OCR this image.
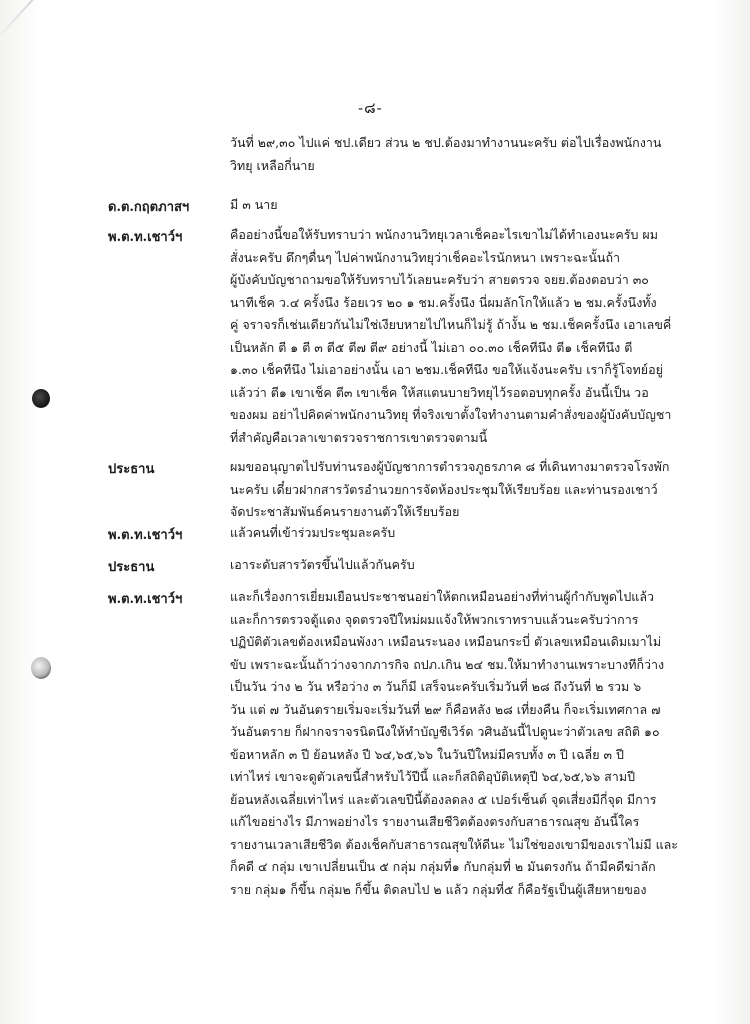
-๘-
วันที่ ๒๙,๓๐ ไปแค่ ชป.เดียว ส่วน ๒ ชป.ต้องมาทำงานนะครับ ต่อไปเรื่องพนักงาน
วิทยุ เหลือกี่นาย
ด.ต.กฤตภาสฯ	มี ๓ นาย
พ.ต.ท.เชาว์ฯ	คืออย่างนี้ขอให้รับทราบว่า พนักงานวิทยุเวลาเช็คอะไรเขาไม่ได้ทำเองนะครับ ผม
สั่งนะครับ ดึกๆดื่นๆ ไปค่าพนักงานวิทยุว่าเช็คอะไรนักหนา เพราะฉะนั้นถ้า
ผู้บังคับบัญชาถามขอให้รับทราบไว้เลยนะครับว่า สายตรวจ จยย.ต้องตอบว่า ๓๐
นาทีเช็ค ว.๔ ครั้งนึง ร้อยเวร ๒๐ ๑ ชม.ครั้งนึง นี่ผมลักโกให้แล้ว ๒ ชม.ครั้งนึงทั้ง
คู่ จราจรก็เช่นเดียวกันไม่ใช่เงียบหายไปไหนก็ไม่รู้ ถ้างั้น ๒ ชม.เช็คครั้งนึง เอาเลขคี่
เป็นหลัก ตี ๑ ตี ๓ ตี๕ ตี๗ ตี๙ อย่างนี้ ไม่เอา ๐๐.๓๐ เช็คทีนึง ตี๑ เช็คทีนึง ตี
๑.๓๐ เช็คทีนึง ไม่เอาอย่างนั้น เอา ๒ชม.เช็คทีนึง ขอให้แจ้งนะครับ เราก็รู้โจทย์อยู่
แล้วว่า ตี๑ เขาเช็ค ตี๓ เขาเช็ค ให้สแตนบายวิทยุไว้รอตอบทุกครั้ง อันนี้เป็น วอ
ของผม อย่าไปคิดค่าพนักงานวิทยุ ที่จริงเขาตั้งใจทำงานตามคำสั่งของผู้บังคับบัญชา
ที่สำคัญคือเวลาเขาตรวจราชการเขาตรวจตามนี้
ประธาน	ผมขออนุญาตไปรับท่านรองผู้บัญชาการตำรวจภูธรภาค ๘ ที่เดินทางมาตรวจโรงพัก
นะครับ เดี๋ยวฝากสารวัตรอำนวยการจัดห้องประชุมให้เรียบร้อย และท่านรองเชาว์
จัดประชาสัมพันธ์คนรายงานตัวให้เรียบร้อย
พ.ต.ท.เชาว์ฯ	แล้วคนที่เข้าร่วมประชุมละครับ
ประธาน	เอาระดับสารวัตรขึ้นไปแล้วกันครับ
พ.ต.ท.เชาว์ฯ	และก็เรื่องการเยี่ยมเยือนประชาชนอย่าให้ตกเหมือนอย่างที่ท่านผู้กำกับพูดไปแล้ว
และก็การตรวจตู้แดง จุดตรวจปีใหม่ผมแจ้งให้พวกเราทราบแล้วนะครับว่าการ
ปฏิบัติตัวเลขต้องเหมือนพังงา เหมือนระนอง เหมือนกระบี่ ตัวเลขเหมือนเดิมเมาไม่
ขับ เพราะฉะนั้นถ้าว่างจากภารกิจ ถปภ.เกิน ๒๔ ชม.ให้มาทำงานเพราะบางทีก็ว่าง
เป็นวัน ว่าง ๒ วัน หรือว่าง ๓ วันก็มี เสร็จนะครับเริ่มวันที่ ๒๘ ถึงวันที่ ๒ รวม ๖
วัน แต่ ๗ วันอันตรายเริ่มจะเริ่มวันที่ ๒๙ ก็คือหลัง ๒๘ เที่ยงคืน ก็จะเริ่มเทศกาล ๗
วันอันตราย ก็ฝากจราจรนิดนึงให้ทำบัญชีเวิร์ด วศินอันนี้ไปดูนะว่าตัวเลข สถิติ ๑๐
ข้อหาหลัก ๓ ปี ย้อนหลัง ปี ๖๔,๖๕,๖๖ ในวันปีใหม่มีครบทั้ง ๓ ปี เฉลี่ย ๓ ปี
เท่าไหร่ เขาจะดูตัวเลขนี้สำหรับไว้ปีนี้ และก็สถิติอุบัติเหตุปี ๖๔,๖๕,๖๖ สามปี
ย้อนหลังเฉลี่ยเท่าไหร่ และตัวเลขปีนี้ต้องลดลง ๕ เปอร์เซ็นต์ จุดเสี่ยงมีกี่จุด มีการ
แก้ไขอย่างไร มีภาพอย่างไร รายงานเสียชีวิตต้องตรงกับสาธารณสุข อันนี้ใคร
รายงานเวลาเสียชีวิต ต้องเช็คกับสาธารณสุขให้ดีนะ ไม่ใช่ของเขามีของเราไม่มี และ
ก็คดี ๔ กลุ่ม เขาเปลี่ยนเป็น ๕ กลุ่ม กลุ่มที่๑ กับกลุ่มที่ ๒ มันตรงกัน ถ้ามีคดีฆ่าลัก
ราย กลุ่ม๑ ก็ขึ้น กลุ่ม๒ ก็ขึ้น ติดลบไป ๒ แล้ว กลุ่มที่๕ ก็คือรัฐเป็นผู้เสียหายของ
